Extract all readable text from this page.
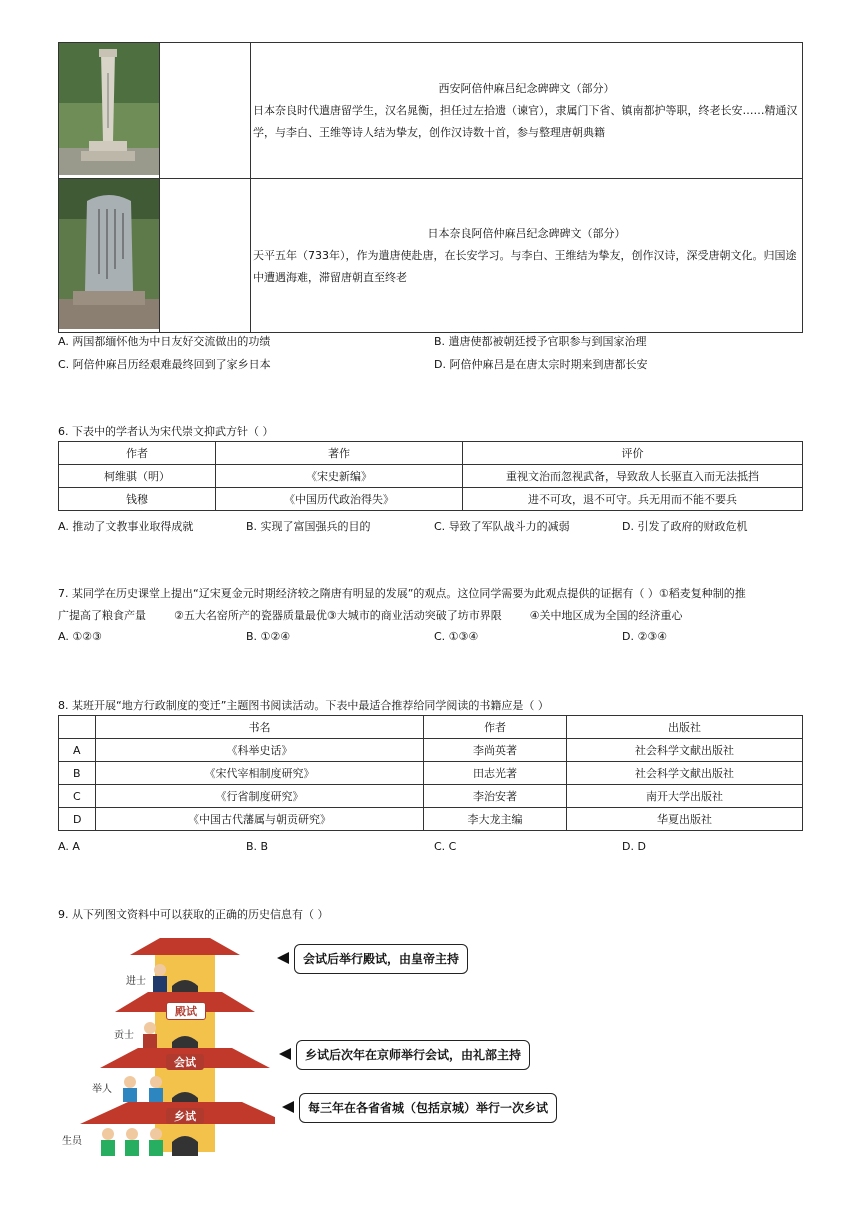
西安阿倍仲麻吕纪念碑碑文（部分）
日本奈良时代遣唐留学生，汉名晁衡，担任过左拾遗（谏官），隶属门下省、镇南都护等职，终老长安……精通汉学，与李白、王维等诗人结为挚友，创作汉诗数十首，参与整理唐朝典籍

日本奈良阿倍仲麻吕纪念碑碑文（部分）
天平五年（733年），作为遣唐使赴唐，在长安学习。与李白、王维结为挚友，创作汉诗，深受唐朝文化。归国途中遭遇海难，滞留唐朝直至终老
A. 两国都缅怀他为中日友好交流做出的功绩	B. 遣唐使都被朝廷授予官职参与到国家治理
C. 阿倍仲麻吕历经艰难最终回到了家乡日本	D. 阿倍仲麻吕是在唐太宗时期来到唐都长安
6. 下表中的学者认为宋代崇文抑武方针（ ）
作者	著作	评价
柯维骐（明）	《宋史新编》	重视文治而忽视武备，导致敌人长驱直入而无法抵挡
钱穆	《中国历代政治得失》	进不可攻，退不可守。兵无用而不能不要兵
A. 推动了文教事业取得成就	B. 实现了富国强兵的目的	C. 导致了军队战斗力的减弱	D. 引发了政府的财政危机
7. 某同学在历史课堂上提出“辽宋夏金元时期经济较之隋唐有明显的发展”的观点。这位同学需要为此观点提供的证据有（ ）①稻麦复种制的推
广提高了粮食产量        ②五大名窑所产的瓷器质量最优③大城市的商业活动突破了坊市界限        ④关中地区成为全国的经济重心
A. ①②③	B. ①②④	C. ①③④	D. ②③④
8. 某班开展“地方行政制度的变迁”主题图书阅读活动。下表中最适合推荐给同学阅读的书籍应是（ ）
	书名	作者	出版社
A	《科举史话》	李尚英著	社会科学文献出版社
B	《宋代宰相制度研究》	田志光著	社会科学文献出版社
C	《行省制度研究》	李治安著	南开大学出版社
D	《中国古代藩属与朝贡研究》	李大龙主编	华夏出版社
A. A	B. B	C. C	D. D
9. 从下列图文资料中可以获取的正确的历史信息有（ ）
进士
贡士
举人
生员
殿试
会试
乡试
会试后举行殿试，由皇帝主持
乡试后次年在京师举行会试，由礼部主持
每三年在各省省城（包括京城）举行一次乡试
